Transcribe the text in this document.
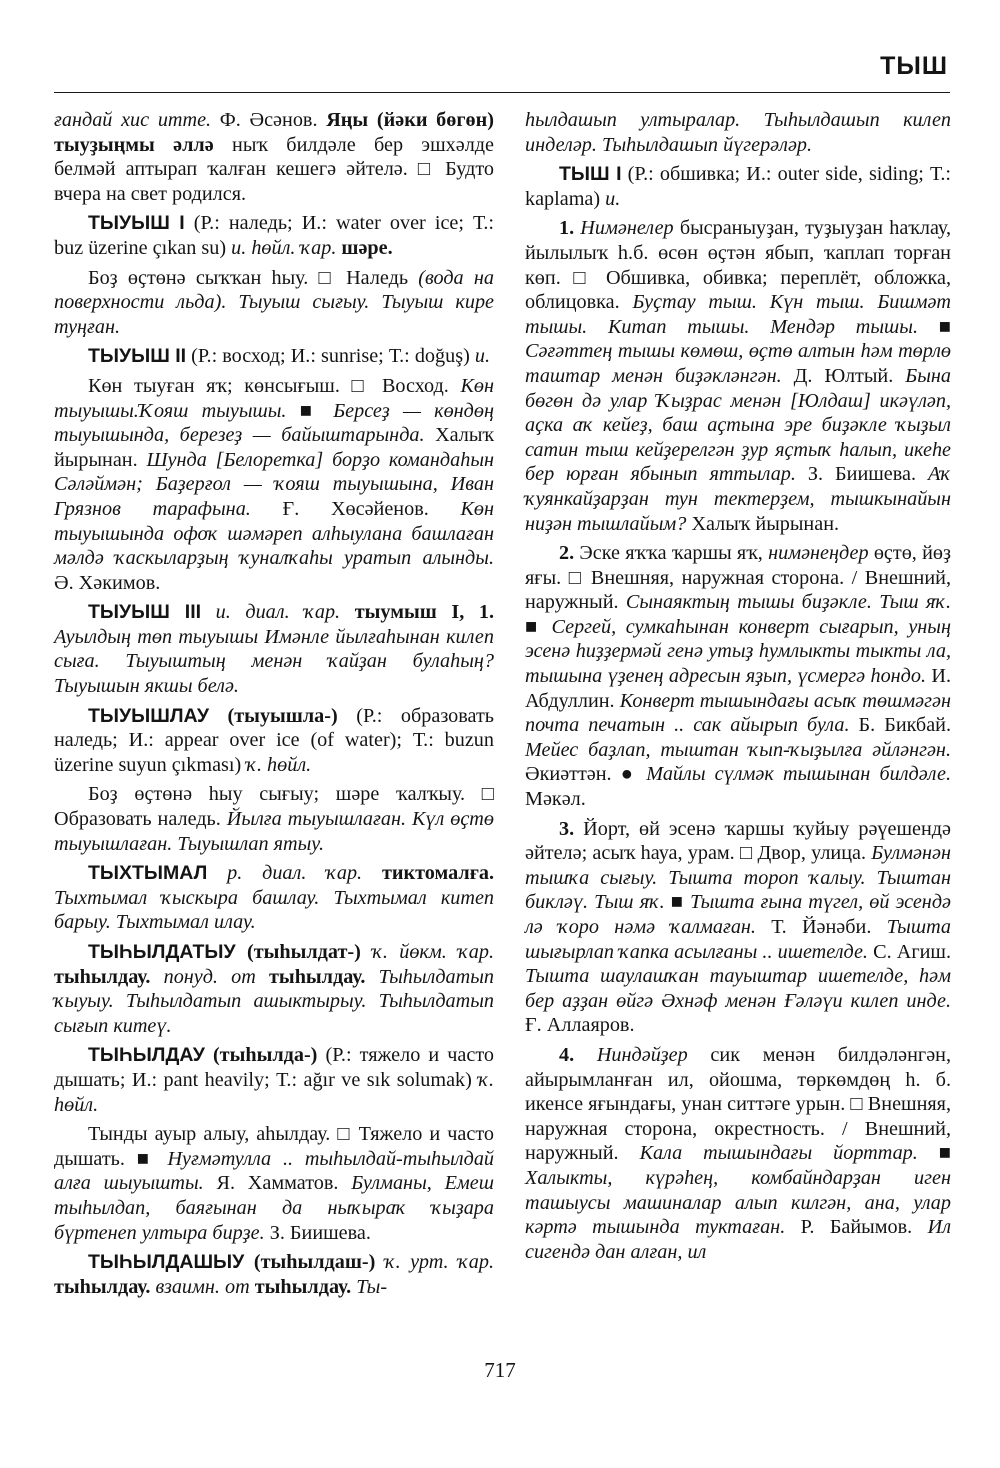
ТЫШ

ғандай хис итте. Ф. Әсәнов. Яңы (йәки бөгөн) тыуҙыңмы әллә ныҡ билдәле бер эшхәлде белмәй аптырап ҡалған кешегә әйтелә. □ Будто вчера на свет родился.

ТЫУЫШ I (Р.: наледь; И.: water over ice; Т.: buz üzerine çıkan su) и. һөйл. ҡар. шәре.

Боҙ өҫтөнә сыҡҡан һыу. □ Наледь (вода на поверхности льда). Тыуыш сығыу. Тыуыш кире туңған.

ТЫУЫШ II (Р.: восход; И.: sunrise; Т.: doğuş) и.

Көн тыуған яҡ; көнсығыш. □ Восход. Көн тыуышы.Ҡояш тыуышы. ■ Берсеҙ — көндөң тыуышында, березеҙ — байыштарында. Халыҡ йырынан. Шунда [Белоретка] борҙо командаһын Сәләймән; Баҙерғол — ҡояш тыуышына, Иван Грязнов тарафына. Ғ. Хөсәйенов. Көн тыуышында офоҡ шәмәреп алһыулана башлаған мәлдә ҡаскыларҙың ҡуналҡаһы уратып алынды. Ә. Хәкимов.

ТЫУЫШ III и. диал. ҡар. тыумыш I, 1. Ауылдың төп тыуышы Имәнле йылғаһынан килеп сыға. Тыуыштың менән ҡайҙан булаһың? Тыуышын якшы белә.

ТЫУЫШЛАУ (тыуышла-) (Р.: образовать наледь; И.: appear over ice (of water); Т.: buzun üzerine suyun çıkması) ҡ. һөйл.

Боҙ өҫтөнә һыу сығыу; шәре ҡалҡыу. □ Образовать наледь. Йылға тыуышлаған. Күл өҫтө тыуышлаған. Тыуышлап ятыу.

ТЫХТЫМАЛ р. диал. ҡар. тиктомалға. Тыхтымал ҡыскыра башлау. Тыхтымал китеп барыу. Тыхтымал илау.

ТЫҺЫЛДАТЫУ (тыһылдат-) ҡ. йөкм. ҡар. тыһылдау. понуд. от тыһылдау. Тыһылдатып ҡыуыу. Тыһылдатып ашыктырыу. Тыһылдатып сығып китеү.

ТЫҺЫЛДАУ (тыһылда-) (Р.: тяжело и часто дышать; И.: pant heavily; Т.: ağır ve sık solumak) ҡ. һөйл.

Тынды ауыр алыу, аһылдау. □ Тяжело и часто дышать. ■ Нуғмәтулла .. тыһылдай-тыһылдай алға шыуышты. Я. Хамматов. Булманы, Емеш тыһылдап, баяғынан да ныҡыраҡ ҡыҙара бүртенеп ултыра бирҙе. З. Биишева.

ТЫҺЫЛДАШЫУ (тыһылдаш-) ҡ. урт. ҡар. тыһылдау. взаимн. от тыһылдау. Ты-

һылдашып ултыралар. Тыһылдашып килеп инделәр. Тыһылдашып йүгерәләр.

ТЫШ I (Р.: обшивка; И.: outer side, siding; Т.: kaplama) и.

1. Нимәнелер бысраныуҙан, туҙыуҙан һаҡлау, йылылыҡ һ.б. өсөн өҫтән ябып, ҡаплап торған көп. □ Обшивка, обивка; переплёт, обложка, облицовка. Буҫтау тыш. Күн тыш. Бишмәт тышы. Китап тышы. Мендәр тышы. ■ Сәғәттең тышы көмөш, өҫтө алтын һәм төрлө таштар менән биҙәкләнгән. Д. Юлтый. Бына бөгөн дә улар Ҡыҙрас менән [Юлдаш] икәүләп, аҫка аҡ кейеҙ, баш аҫтына эре биҙәкле ҡыҙыл сатин тыш кейҙерелгән ҙур яҫтыҡ һалып, икеһе бер юрған ябынып яттылар. З. Биишева. Аҡ ҡуянкайҙарҙан тун тектерҙем, тышкынайын ниҙән тышлайым? Халыҡ йырынан.

2. Эске яҡҡа ҡаршы яҡ, нимәнеңдер өҫтө, йөҙ яғы. □ Внешняя, наружная сторона. / Внешний, наружный. Сынаяктың тышы биҙәкле. Тыш яҡ. ■ Сергей, сумкаһынан конверт сығарып, уның эсенә һиҙҙермәй генә утыҙ һумлыкты тыкты ла, тышына үҙенең адресын яҙып, үсмергә һондо. И. Абдуллин. Конверт тышындағы асыҡ төшмәгән почта печатын .. сак айырып була. Б. Бикбай. Мейес баҙлап, тыштан ҡып-ҡыҙылға әйләнгән. Әкиәттән. ● Майлы сүлмәк тышынан билдәле. Мәкәл.

3. Йорт, өй эсенә ҡаршы ҡуйыу рәүешендә әйтелә; асыҡ һауа, урам. □ Двор, улица. Булмәнән тышҡа сығыу. Тышта тороп ҡалыу. Тыштан бикләү. Тыш яҡ. ■ Тышта ғына түгел, өй эсендә лә ҡоро нәмә ҡалмаған. Т. Йәнәби. Тышта шығырлап ҡапка асылғаны .. ишетелде. С. Агиш. Тышта шаулашҡан тауыштар ишетелде, һәм бер аҙҙан өйгә Әхнәф менән Ғәләүи килеп инде. Ғ. Аллаяров.

4. Ниндәйҙер сик менән билдәләнгән, айырымланған ил, ойошма, төркөмдөң һ. б. икенсе яғындағы, унан ситтәге урын. □ Внешняя, наружная сторона, окрестность. / Внешний, наружный. Кала тышындағы йорттар. ■ Халыкты, күрәһең, комбайндарҙан иген ташыусы машиналар алып килгән, ана, улар кәртә тышында туктаған. Р. Байымов. Ил сигендә дан алған, ил

717
